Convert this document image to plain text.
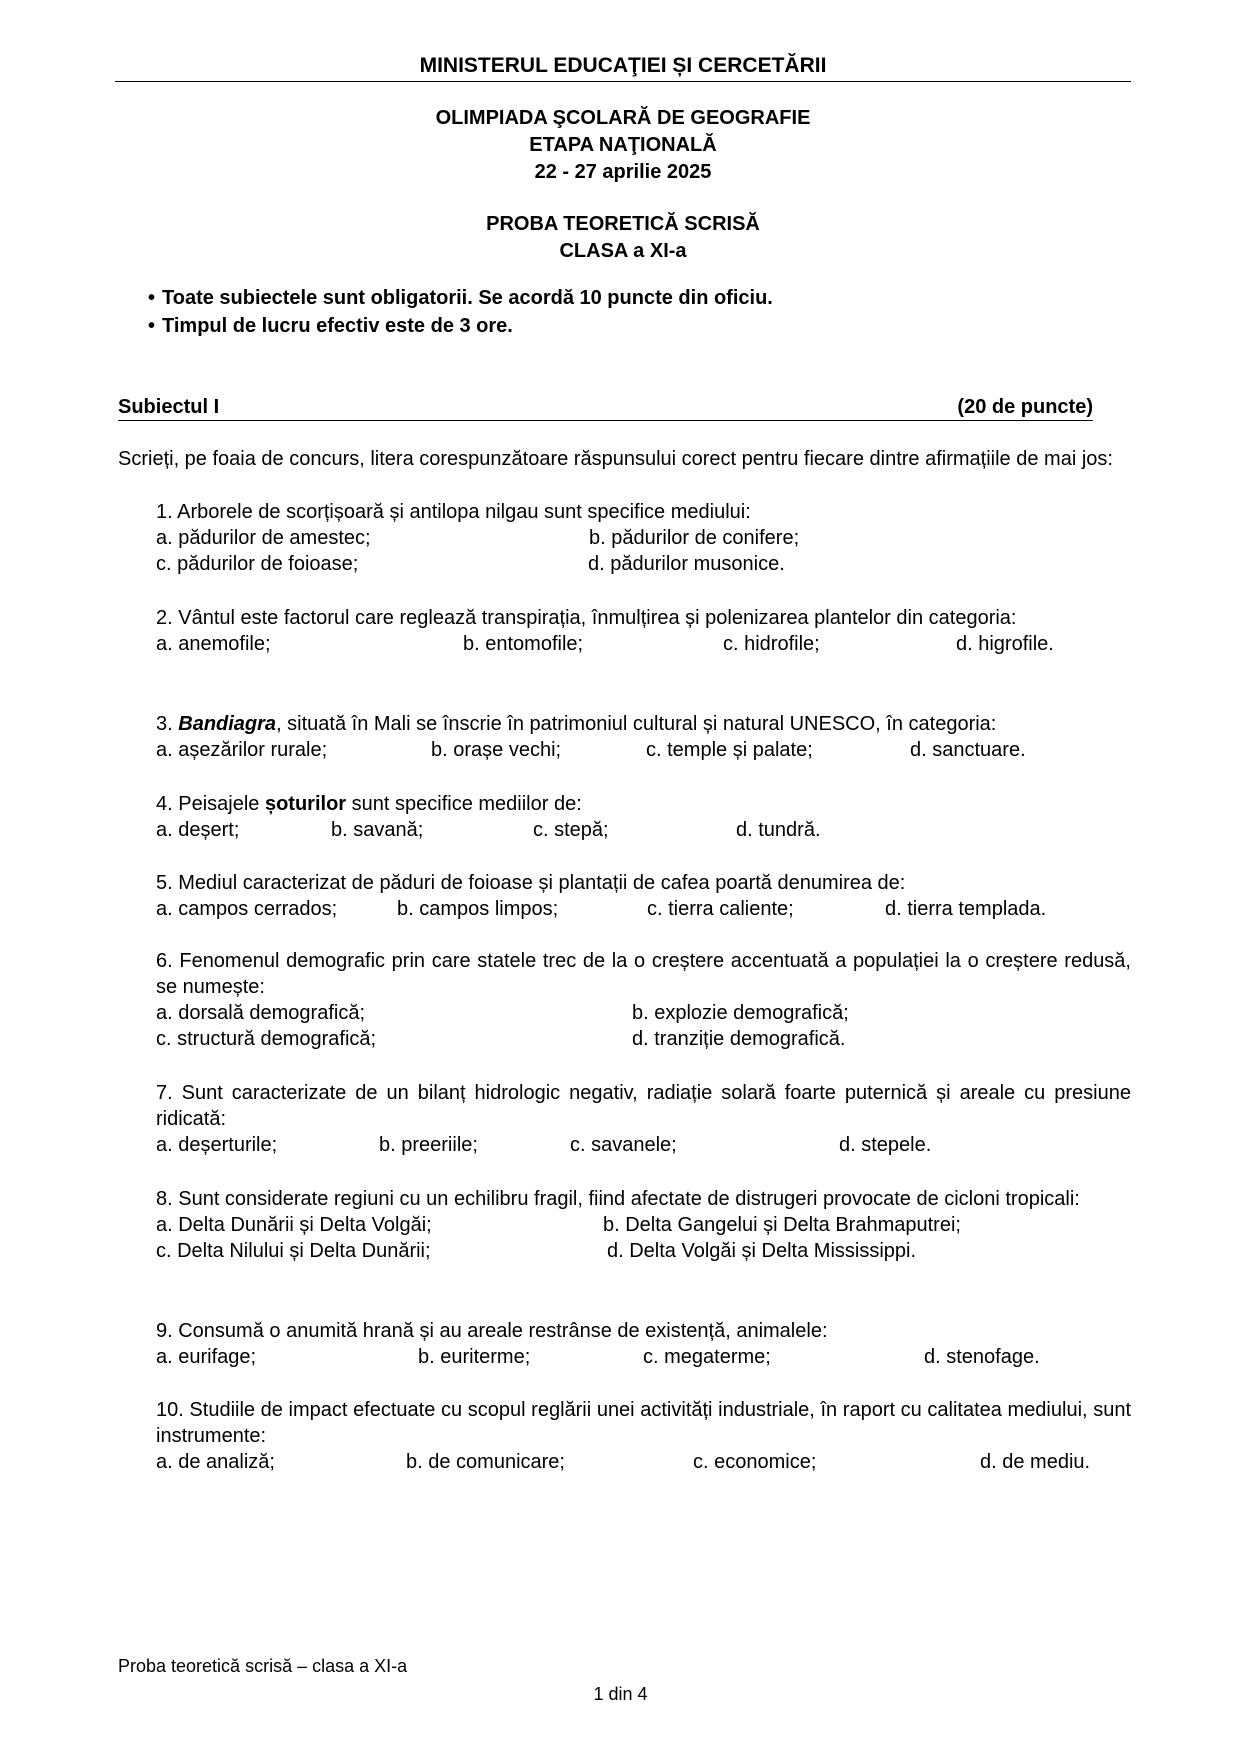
MINISTERUL EDUCAŢIEI ȘI CERCETĂRII
OLIMPIADA ŞCOLARĂ DE GEOGRAFIE
ETAPA NAŢIONALĂ
22 - 27 aprilie 2025
PROBA TEORETICĂ SCRISĂ
CLASA a XI-a
• Toate subiectele sunt obligatorii. Se acordă 10 puncte din oficiu.
• Timpul de lucru efectiv este de 3 ore.
Subiectul I	(20 de puncte)
Scrieți, pe foaia de concurs, litera corespunzătoare răspunsului corect pentru fiecare dintre afirmațiile de mai jos:
1. Arborele de scorțișoară și antilopa nilgau sunt specifice mediului:
a. pădurilor de amestec;	b. pădurilor de conifere;
c. pădurilor de foioase;	d. pădurilor musonice.
2. Vântul este factorul care reglează transpirația, înmulțirea și polenizarea plantelor din categoria:
a. anemofile;	b. entomofile;	c. hidrofile;	d. higrofile.
3. Bandiagra, situată în Mali se înscrie în patrimoniul cultural și natural UNESCO, în categoria:
a. așezărilor rurale;	b. orașe vechi;	c. temple și palate;	d. sanctuare.
4. Peisajele șoturilor sunt specifice mediilor de:
a. deșert;	b. savană;	c. stepă;	d. tundră.
5. Mediul caracterizat de păduri de foioase și plantații de cafea poartă denumirea de:
a. campos cerrados;	b. campos limpos;	c. tierra caliente;	d. tierra templada.
6. Fenomenul demografic prin care statele trec de la o creștere accentuată a populației la o creștere redusă, se numește:
a. dorsală demografică;	b. explozie demografică;
c. structură demografică;	d. tranziție demografică.
7. Sunt caracterizate de un bilanț hidrologic negativ, radiație solară foarte puternică și areale cu presiune ridicată:
a. deșerturile;	b. preeriile;	c. savanele;	d. stepele.
8. Sunt considerate regiuni cu un echilibru fragil, fiind afectate de distrugeri provocate de cicloni tropicali:
a. Delta Dunării și Delta Volgăi;	b. Delta Gangelui și Delta Brahmaputrei;
c. Delta Nilului și Delta Dunării;	d. Delta Volgăi și Delta Mississippi.
9. Consumă o anumită hrană și au areale restrânse de existență, animalele:
a. eurifage;	b. euriterme;	c. megaterme;	d. stenofage.
10. Studiile de impact efectuate cu scopul reglării unei activități industriale, în raport cu calitatea mediului, sunt instrumente:
a. de analiză;	b. de comunicare;	c. economice;	d. de mediu.
Proba teoretică scrisă – clasa a XI-a
1 din 4
